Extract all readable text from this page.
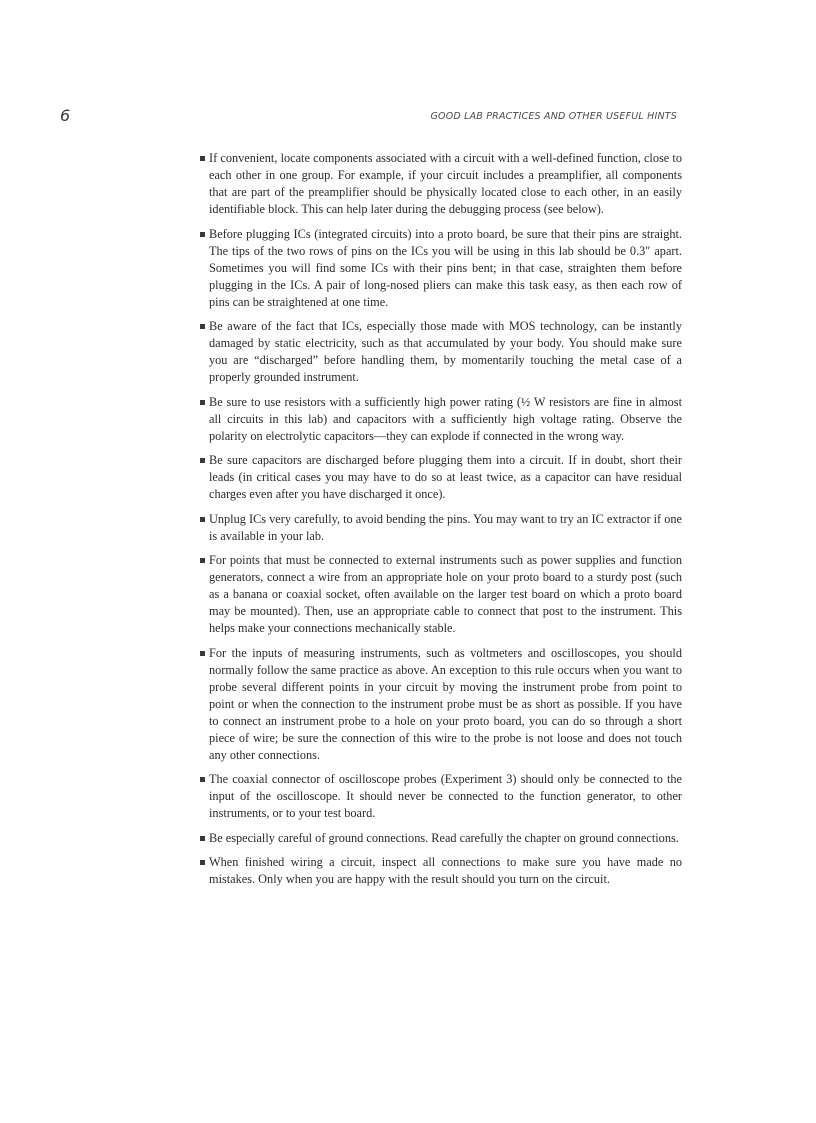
6	GOOD LAB PRACTICES AND OTHER USEFUL HINTS
If convenient, locate components associated with a circuit with a well-defined function, close to each other in one group. For example, if your circuit includes a preamplifier, all components that are part of the preamplifier should be physically located close to each other, in an easily identifiable block. This can help later during the debugging process (see below).
Before plugging ICs (integrated circuits) into a proto board, be sure that their pins are straight. The tips of the two rows of pins on the ICs you will be using in this lab should be 0.3″ apart. Sometimes you will find some ICs with their pins bent; in that case, straighten them before plugging in the ICs. A pair of long-nosed pliers can make this task easy, as then each row of pins can be straightened at one time.
Be aware of the fact that ICs, especially those made with MOS technology, can be instantly damaged by static electricity, such as that accumulated by your body. You should make sure you are “discharged” before handling them, by momentarily touching the metal case of a properly grounded instrument.
Be sure to use resistors with a sufficiently high power rating (½ W resistors are fine in almost all circuits in this lab) and capacitors with a sufficiently high voltage rating. Observe the polarity on electrolytic capacitors—they can explode if connected in the wrong way.
Be sure capacitors are discharged before plugging them into a circuit. If in doubt, short their leads (in critical cases you may have to do so at least twice, as a capacitor can have residual charges even after you have discharged it once).
Unplug ICs very carefully, to avoid bending the pins. You may want to try an IC extractor if one is available in your lab.
For points that must be connected to external instruments such as power supplies and function generators, connect a wire from an appropriate hole on your proto board to a sturdy post (such as a banana or coaxial socket, often available on the larger test board on which a proto board may be mounted). Then, use an appropriate cable to connect that post to the instrument. This helps make your connections mechanically stable.
For the inputs of measuring instruments, such as voltmeters and oscilloscopes, you should normally follow the same practice as above. An exception to this rule occurs when you want to probe several different points in your circuit by moving the instrument probe from point to point or when the connection to the instrument probe must be as short as possible. If you have to connect an instrument probe to a hole on your proto board, you can do so through a short piece of wire; be sure the connection of this wire to the probe is not loose and does not touch any other connections.
The coaxial connector of oscilloscope probes (Experiment 3) should only be connected to the input of the oscilloscope. It should never be connected to the function generator, to other instruments, or to your test board.
Be especially careful of ground connections. Read carefully the chapter on ground connections.
When finished wiring a circuit, inspect all connections to make sure you have made no mistakes. Only when you are happy with the result should you turn on the circuit.
